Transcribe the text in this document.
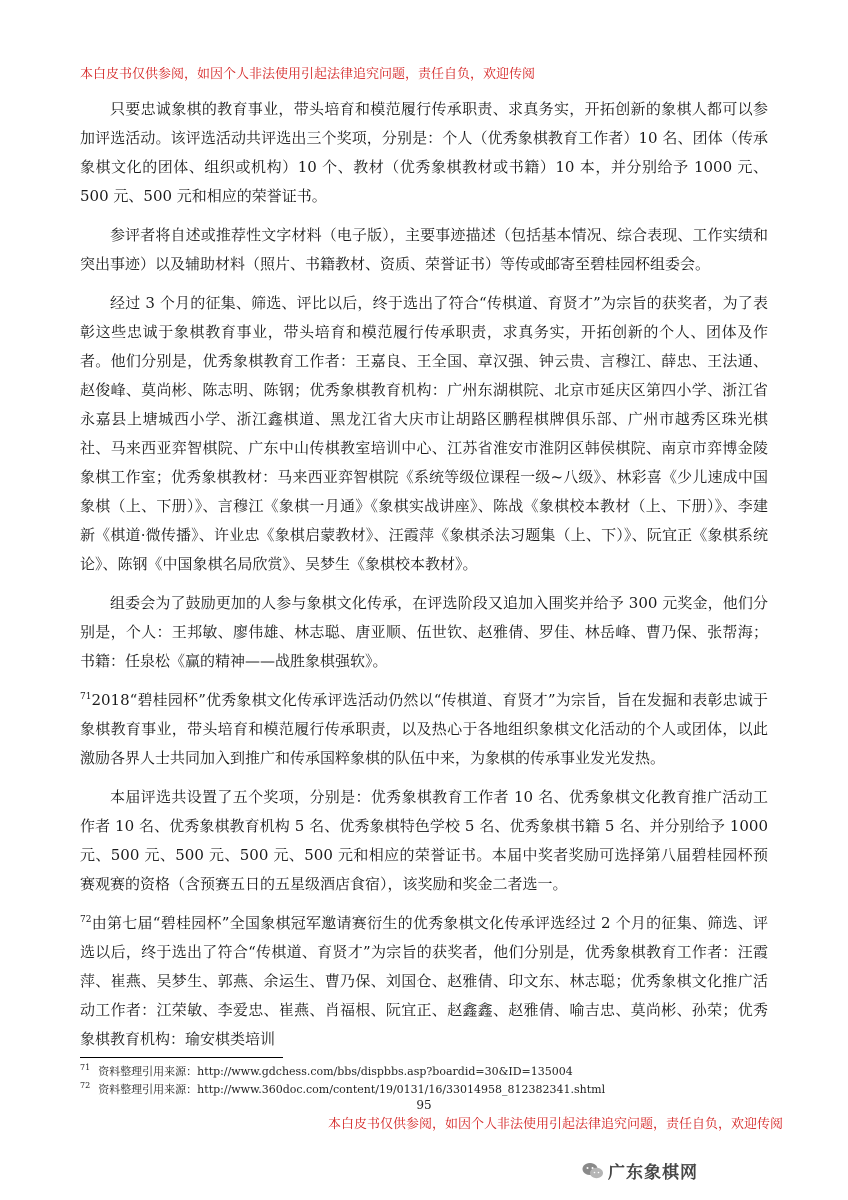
本白皮书仅供参阅，如因个人非法使用引起法律追究问题，责任自负，欢迎传阅

只要忠诚象棋的教育事业，带头培育和模范履行传承职责、求真务实，开拓创新的象棋人都可以参加评选活动。该评选活动共评选出三个奖项，分别是：个人（优秀象棋教育工作者）10 名、团体（传承象棋文化的团体、组织或机构）10 个、教材（优秀象棋教材或书籍）10 本，并分别给予 1000 元、500 元、500 元和相应的荣誉证书。

参评者将自述或推荐性文字材料（电子版），主要事迹描述（包括基本情况、综合表现、工作实绩和突出事迹）以及辅助材料（照片、书籍教材、资质、荣誉证书）等传或邮寄至碧桂园杯组委会。

经过 3 个月的征集、筛选、评比以后，终于选出了符合“传棋道、育贤才”为宗旨的获奖者，为了表彰这些忠诚于象棋教育事业，带头培育和模范履行传承职责，求真务实，开拓创新的个人、团体及作者。他们分别是，优秀象棋教育工作者：王嘉良、王全国、章汉强、钟云贵、言穆江、薛忠、王法通、赵俊峰、莫尚彬、陈志明、陈钢；优秀象棋教育机构：广州东湖棋院、北京市延庆区第四小学、浙江省永嘉县上塘城西小学、浙江鑫棋道、黑龙江省大庆市让胡路区鹏程棋牌俱乐部、广州市越秀区珠光棋社、马来西亚弈智棋院、广东中山传棋教室培训中心、江苏省淮安市淮阴区韩侯棋院、南京市弈博金陵象棋工作室；优秀象棋教材：马来西亚弈智棋院《系统等级位课程一级~八级》、林彩喜《少儿速成中国象棋（上、下册）》、言穆江《象棋一月通》《象棋实战讲座》、陈战《象棋校本教材（上、下册）》、李建新《棋道·微传播》、许业忠《象棋启蒙教材》、汪霞萍《象棋杀法习题集（上、下）》、阮宜正《象棋系统论》、陈钢《中国象棋名局欣赏》、吴梦生《象棋校本教材》。

组委会为了鼓励更加的人参与象棋文化传承，在评选阶段又追加入围奖并给予 300 元奖金，他们分别是，个人：王邦敏、廖伟雄、林志聪、唐亚顺、伍世钦、赵雅倩、罗佳、林岳峰、曹乃保、张帮海；书籍：任泉松《赢的精神——战胜象棋强软》。

$^{71}$2018“碧桂园杯”优秀象棋文化传承评选活动仍然以“传棋道、育贤才”为宗旨，旨在发掘和表彰忠诚于象棋教育事业，带头培育和模范履行传承职责，以及热心于各地组织象棋文化活动的个人或团体，以此激励各界人士共同加入到推广和传承国粹象棋的队伍中来，为象棋的传承事业发光发热。

本届评选共设置了五个奖项，分别是：优秀象棋教育工作者 10 名、优秀象棋文化教育推广活动工作者 10 名、优秀象棋教育机构 5 名、优秀象棋特色学校 5 名、优秀象棋书籍 5 名、并分别给予 1000 元、500 元、500 元、500 元、500 元和相应的荣誉证书。本届中奖者奖励可选择第八届碧桂园杯预赛观赛的资格（含预赛五日的五星级酒店食宿），该奖励和奖金二者选一。

$^{72}$由第七届“碧桂园杯”全国象棋冠军邀请赛衍生的优秀象棋文化传承评选经过 2 个月的征集、筛选、评选以后，终于选出了符合“传棋道、育贤才”为宗旨的获奖者，他们分别是，优秀象棋教育工作者：汪霞萍、崔燕、吴梦生、郭燕、余运生、曹乃保、刘国仓、赵雅倩、印文东、林志聪；优秀象棋文化推广活动工作者：江荣敏、李爱忠、崔燕、肖福根、阮宜正、赵鑫鑫、赵雅倩、喻吉忠、莫尚彬、孙荣；优秀象棋教育机构：瑜安棋类培训

$^{71}$ 资料整理引用来源：http://www.gdchess.com/bbs/dispbbs.asp?boardid=30&ID=135004
$^{72}$ 资料整理引用来源：http://www.360doc.com/content/19/0131/16/33014958_812382341.shtml
95
本白皮书仅供参阅，如因个人非法使用引起法律追究问题，责任自负，欢迎传阅
广东象棋网
